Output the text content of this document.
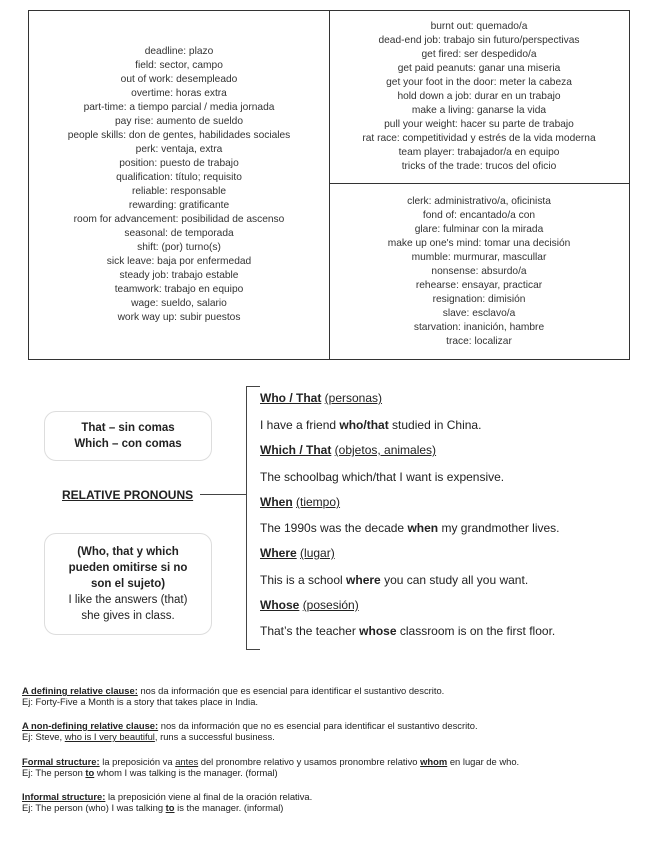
deadline: plazo
field: sector, campo
out of work: desempleado
overtime: horas extra
part-time: a tiempo parcial / media jornada
pay rise: aumento de sueldo
people skills: don de gentes, habilidades sociales
perk: ventaja, extra
position: puesto de trabajo
qualification: título; requisito
reliable: responsable
rewarding: gratificante
room for advancement: posibilidad de ascenso
seasonal: de temporada
shift: (por) turno(s)
sick leave: baja por enfermedad
steady job: trabajo estable
teamwork: trabajo en equipo
wage: sueldo, salario
work way up: subir puestos
burnt out: quemado/a
dead-end job: trabajo sin futuro/perspectivas
get fired: ser despedido/a
get paid peanuts: ganar una miseria
get your foot in the door: meter la cabeza
hold down a job: durar en un trabajo
make a living: ganarse la vida
pull your weight: hacer su parte de trabajo
rat race: competitividad y estrés de la vida moderna
team player: trabajador/a en equipo
tricks of the trade: trucos del oficio
clerk: administrativo/a, oficinista
fond of: encantado/a con
glare: fulminar con la mirada
make up one's mind: tomar una decisión
mumble: murmurar, mascullar
nonsense: absurdo/a
rehearse: ensayar, practicar
resignation: dimisión
slave: esclavo/a
starvation: inanición, hambre
trace: localizar
That – sin comas
Which – con comas
RELATIVE PRONOUNS
(Who, that y which
pueden omitirse si no
son el sujeto)
I like the answers (that)
she gives in class.
Who / That (personas)
I have a friend who/that studied in China.
Which / That (objetos, animales)
The schoolbag which/that I want is expensive.
When (tiempo)
The 1990s was the decade when my grandmother lives.
Where (lugar)
This is a school where you can study all you want.
Whose (posesión)
That’s the teacher whose classroom is on the first floor.
A defining relative clause: nos da información que es esencial para identificar el sustantivo descrito.
Ej: Forty-Five a Month is a story that takes place in India.
A non-defining relative clause: nos da información que no es esencial para identificar el sustantivo descrito.
Ej: Steve, who is I very beautiful, runs a successful business.
Formal structure: la preposición va antes del pronombre relativo y usamos pronombre relativo whom en lugar de who.
Ej: The person to whom I was talking is the manager. (formal)
Informal structure: la preposición viene al final de la oración relativa.
Ej: The person (who) I was talking to is the manager. (informal)
